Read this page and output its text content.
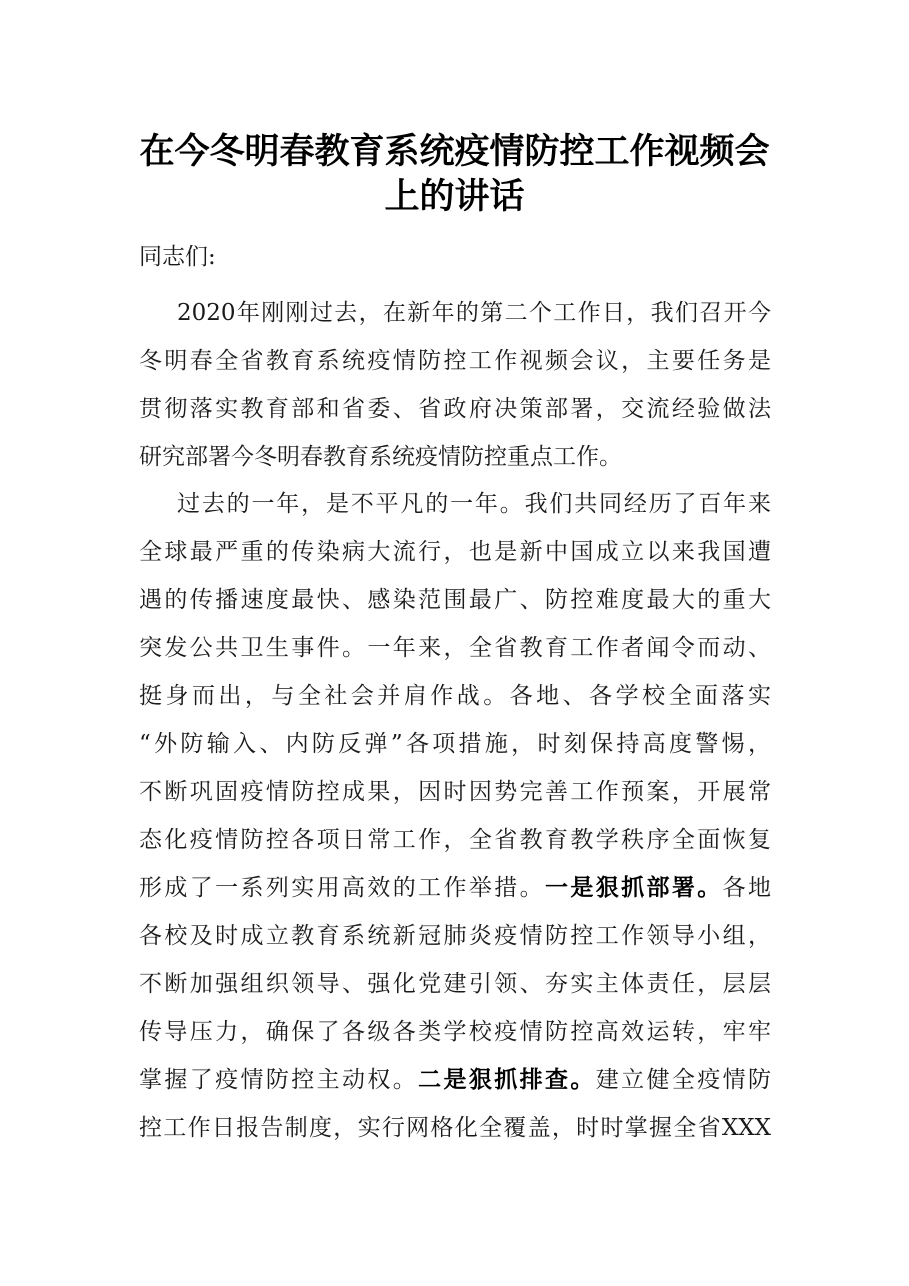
在今冬明春教育系统疫情防控工作视频会
上的讲话
同志们:
2020年刚刚过去，在新年的第二个工作日，我们召开今
冬明春全省教育系统疫情防控工作视频会议，主要任务是
贯彻落实教育部和省委、省政府决策部署，交流经验做法
研究部署今冬明春教育系统疫情防控重点工作。
过去的一年，是不平凡的一年。我们共同经历了百年来
全球最严重的传染病大流行，也是新中国成立以来我国遭
遇的传播速度最快、感染范围最广、防控难度最大的重大
突发公共卫生事件。一年来，全省教育工作者闻令而动、
挺身而出，与全社会并肩作战。各地、各学校全面落实
“外防输入、内防反弹”各项措施，时刻保持高度警惕，
不断巩固疫情防控成果，因时因势完善工作预案，开展常
态化疫情防控各项日常工作，全省教育教学秩序全面恢复
形成了一系列实用高效的工作举措。一是狠抓部署。各地
各校及时成立教育系统新冠肺炎疫情防控工作领导小组，
不断加强组织领导、强化党建引领、夯实主体责任，层层
传导压力，确保了各级各类学校疫情防控高效运转，牢牢
掌握了疫情防控主动权。二是狠抓排查。建立健全疫情防
控工作日报告制度，实行网格化全覆盖，时时掌握全省XXX
